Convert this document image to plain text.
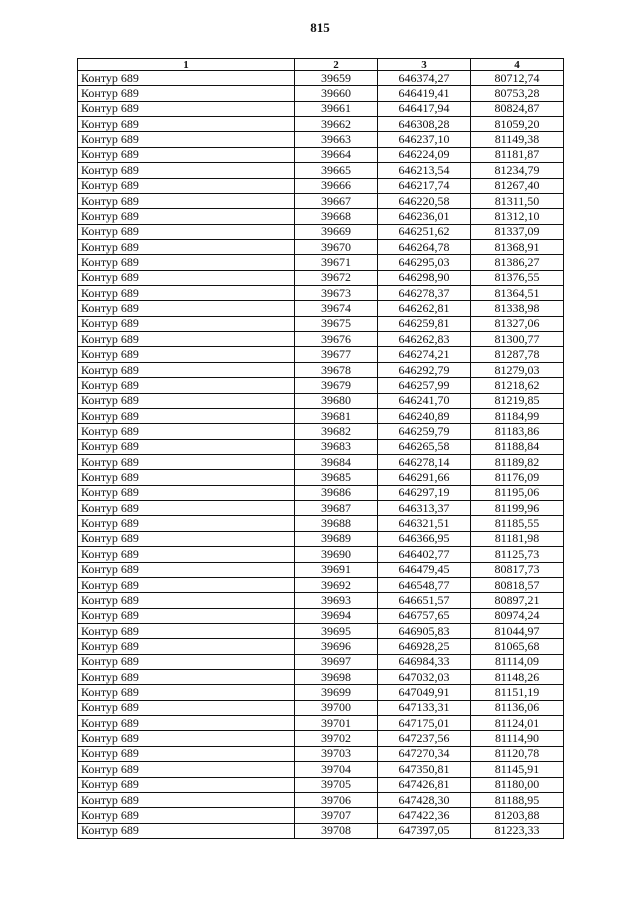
815
1	2	3	4
Контур 689	39659	646374,27	80712,74
Контур 689	39660	646419,41	80753,28
Контур 689	39661	646417,94	80824,87
Контур 689	39662	646308,28	81059,20
Контур 689	39663	646237,10	81149,38
Контур 689	39664	646224,09	81181,87
Контур 689	39665	646213,54	81234,79
Контур 689	39666	646217,74	81267,40
Контур 689	39667	646220,58	81311,50
Контур 689	39668	646236,01	81312,10
Контур 689	39669	646251,62	81337,09
Контур 689	39670	646264,78	81368,91
Контур 689	39671	646295,03	81386,27
Контур 689	39672	646298,90	81376,55
Контур 689	39673	646278,37	81364,51
Контур 689	39674	646262,81	81338,98
Контур 689	39675	646259,81	81327,06
Контур 689	39676	646262,83	81300,77
Контур 689	39677	646274,21	81287,78
Контур 689	39678	646292,79	81279,03
Контур 689	39679	646257,99	81218,62
Контур 689	39680	646241,70	81219,85
Контур 689	39681	646240,89	81184,99
Контур 689	39682	646259,79	81183,86
Контур 689	39683	646265,58	81188,84
Контур 689	39684	646278,14	81189,82
Контур 689	39685	646291,66	81176,09
Контур 689	39686	646297,19	81195,06
Контур 689	39687	646313,37	81199,96
Контур 689	39688	646321,51	81185,55
Контур 689	39689	646366,95	81181,98
Контур 689	39690	646402,77	81125,73
Контур 689	39691	646479,45	80817,73
Контур 689	39692	646548,77	80818,57
Контур 689	39693	646651,57	80897,21
Контур 689	39694	646757,65	80974,24
Контур 689	39695	646905,83	81044,97
Контур 689	39696	646928,25	81065,68
Контур 689	39697	646984,33	81114,09
Контур 689	39698	647032,03	81148,26
Контур 689	39699	647049,91	81151,19
Контур 689	39700	647133,31	81136,06
Контур 689	39701	647175,01	81124,01
Контур 689	39702	647237,56	81114,90
Контур 689	39703	647270,34	81120,78
Контур 689	39704	647350,81	81145,91
Контур 689	39705	647426,81	81180,00
Контур 689	39706	647428,30	81188,95
Контур 689	39707	647422,36	81203,88
Контур 689	39708	647397,05	81223,33
